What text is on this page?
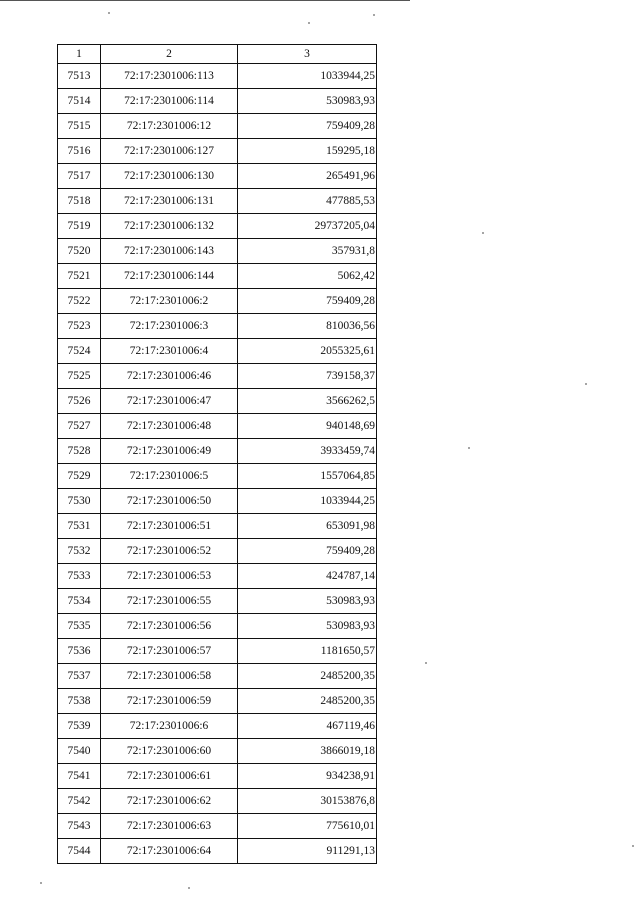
1	2	3
7513	72:17:2301006:113	1033944,25
7514	72:17:2301006:114	530983,93
7515	72:17:2301006:12	759409,28
7516	72:17:2301006:127	159295,18
7517	72:17:2301006:130	265491,96
7518	72:17:2301006:131	477885,53
7519	72:17:2301006:132	29737205,04
7520	72:17:2301006:143	357931,8
7521	72:17:2301006:144	5062,42
7522	72:17:2301006:2	759409,28
7523	72:17:2301006:3	810036,56
7524	72:17:2301006:4	2055325,61
7525	72:17:2301006:46	739158,37
7526	72:17:2301006:47	3566262,5
7527	72:17:2301006:48	940148,69
7528	72:17:2301006:49	3933459,74
7529	72:17:2301006:5	1557064,85
7530	72:17:2301006:50	1033944,25
7531	72:17:2301006:51	653091,98
7532	72:17:2301006:52	759409,28
7533	72:17:2301006:53	424787,14
7534	72:17:2301006:55	530983,93
7535	72:17:2301006:56	530983,93
7536	72:17:2301006:57	1181650,57
7537	72:17:2301006:58	2485200,35
7538	72:17:2301006:59	2485200,35
7539	72:17:2301006:6	467119,46
7540	72:17:2301006:60	3866019,18
7541	72:17:2301006:61	934238,91
7542	72:17:2301006:62	30153876,8
7543	72:17:2301006:63	775610,01
7544	72:17:2301006:64	911291,13
